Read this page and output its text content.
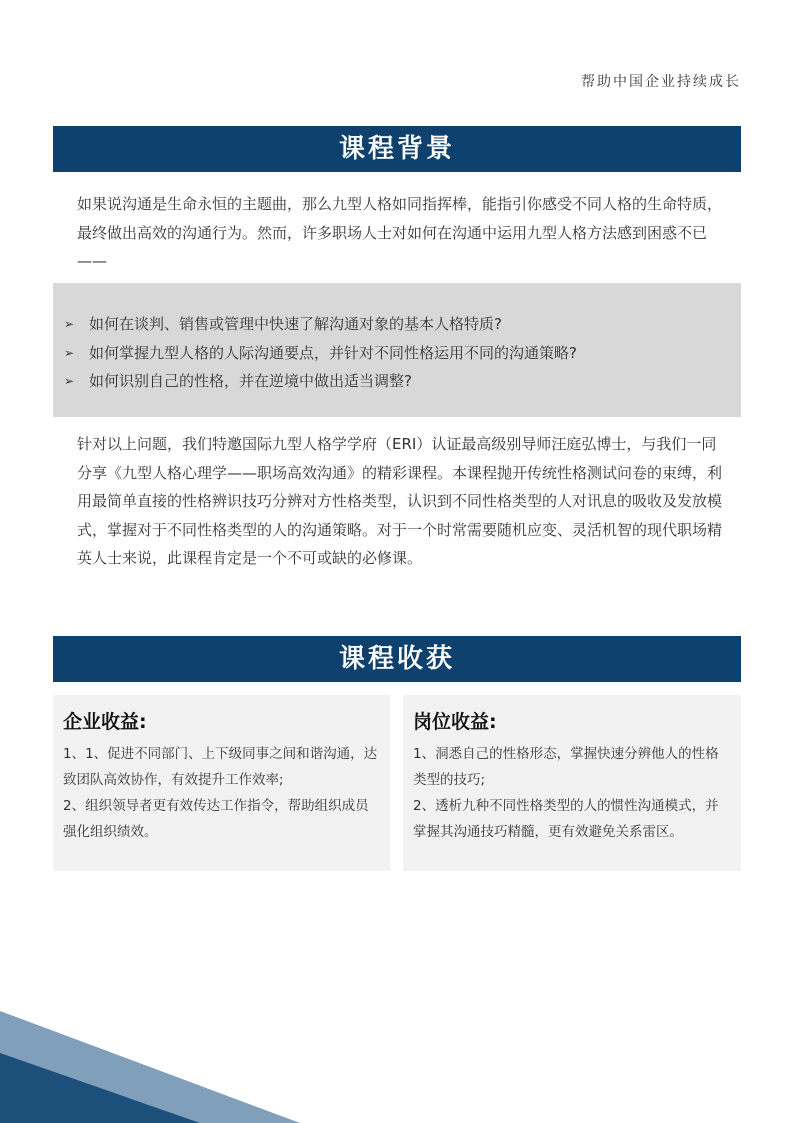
帮助中国企业持续成长
课程背景

如果说沟通是生命永恒的主题曲，那么九型人格如同指挥棒，能指引你感受不同人格的生命特质，最终做出高效的沟通行为。然而，许多职场人士对如何在沟通中运用九型人格方法感到困惑不已——

➢ 如何在谈判、销售或管理中快速了解沟通对象的基本人格特质?
➢ 如何掌握九型人格的人际沟通要点，并针对不同性格运用不同的沟通策略?
➢ 如何识别自己的性格，并在逆境中做出适当调整?

针对以上问题，我们特邀国际九型人格学学府（ERI）认证最高级别导师汪庭弘博士，与我们一同分享《九型人格心理学——职场高效沟通》的精彩课程。本课程抛开传统性格测试问卷的束缚，利用最简单直接的性格辨识技巧分辨对方性格类型，认识到不同性格类型的人对讯息的吸收及发放模式，掌握对于不同性格类型的人的沟通策略。对于一个时常需要随机应变、灵活机智的现代职场精英人士来说，此课程肯定是一个不可或缺的必修课。

课程收获
企业收益:

1、1、促进不同部门、上下级同事之间和谐沟通，达致团队高效协作，有效提升工作效率;

2、组织领导者更有效传达工作指令，帮助组织成员强化组织绩效。

岗位收益:

1、洞悉自己的性格形态，掌握快速分辨他人的性格类型的技巧;

2、透析九种不同性格类型的人的惯性沟通模式，并掌握其沟通技巧精髓，更有效避免关系雷区。
